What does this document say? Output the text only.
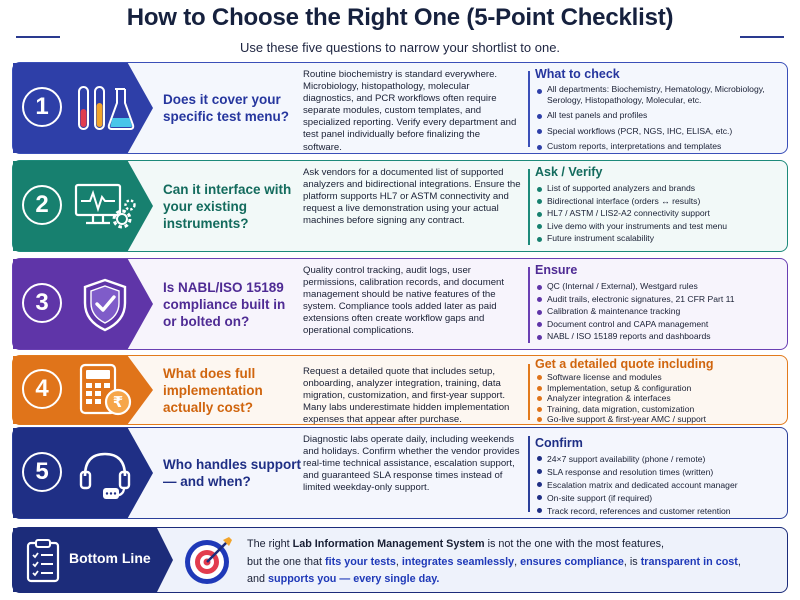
How to Choose the Right One (5-Point Checklist)
Use these five questions to narrow your shortlist to one.
1	Does it cover your specific test menu?
Routine biochemistry is standard everywhere. Microbiology, histopathology, molecular diagnostics, and PCR workflows often require separate modules, custom templates, and specialized reporting. Verify every department and test panel individually before finalizing the software.
What to check
All departments: Biochemistry, Hematology, Microbiology, Serology, Histopathology, Molecular, etc.
All test panels and profiles
Special workflows (PCR, NGS, IHC, ELISA, etc.)
Custom reports, interpretations and templates
2
Can it interface with your existing instruments?
Ask vendors for a documented list of supported analyzers and bidirectional integrations. Ensure the platform supports HL7 or ASTM connectivity and request a live demonstration using your actual machines before signing any contract.
Ask / Verify
List of supported analyzers and brands
Bidirectional interface (orders ↔ results)
HL7 / ASTM / LIS2-A2 connectivity support
Live demo with your instruments and test menu
Future instrument scalability
3
Is NABL/ISO 15189 compliance built in or bolted on?
Quality control tracking, audit logs, user permissions, calibration records, and document management should be native features of the system. Compliance tools added later as paid extensions often create workflow gaps and operational complications.
Ensure
QC (Internal / External), Westgard rules
Audit trails, electronic signatures, 21 CFR Part 11
Calibration & maintenance tracking
Document control and CAPA management
NABL / ISO 15189 reports and dashboards
4	₹
What does full implementation actually cost?
Request a detailed quote that includes setup, onboarding, analyzer integration, training, data migration, customization, and first-year support. Many labs underestimate hidden implementation expenses that appear after purchase.
Get a detailed quote including
Software license and modules
Implementation, setup & configuration
Analyzer integration & interfaces
Training, data migration, customization
Go-live support & first-year AMC / support
5	Who handles support — and when?
Diagnostic labs operate daily, including weekends and holidays. Confirm whether the vendor provides real-time technical assistance, escalation support, and guaranteed SLA response times instead of limited weekday-only support.
Confirm
24×7 support availability (phone / remote)
SLA response and resolution times (written)
Escalation matrix and dedicated account manager
On-site support (if required)
Track record, references and customer retention
Bottom Line
The right Lab Information Management System is not the one with the most features,
but the one that fits your tests, integrates seamlessly, ensures compliance, is transparent in cost,
and supports you — every single day.
